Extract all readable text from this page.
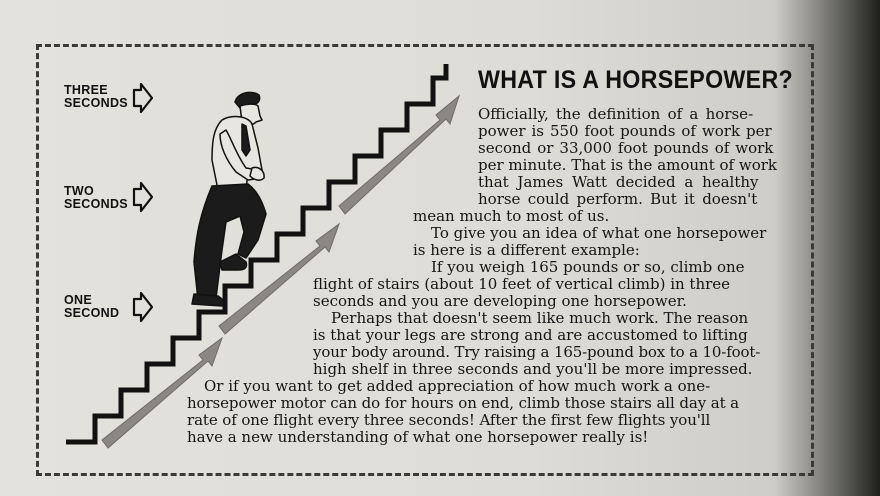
THREE
SECONDS
TWO
SECONDS
ONE
SECOND
WHAT IS A HORSEPOWER?
Officially, the definition of a horse-
power is 550 foot pounds of work per
second or 33,000 foot pounds of work
per minute. That is the amount of work
that James Watt decided a healthy
horse could perform. But it doesn't
mean much to most of us.
To give you an idea of what one horsepower
is here is a different example:
If you weigh 165 pounds or so, climb one
flight of stairs (about 10 feet of vertical climb) in three
seconds and you are developing one horsepower.
Perhaps that doesn't seem like much work. The reason
is that your legs are strong and are accustomed to lifting
your body around. Try raising a 165-pound box to a 10-foot-
high shelf in three seconds and you'll be more impressed.
Or if you want to get added appreciation of how much work a one-
horsepower motor can do for hours on end, climb those stairs all day at a
rate of one flight every three seconds! After the first few flights you'll
have a new understanding of what one horsepower really is!
